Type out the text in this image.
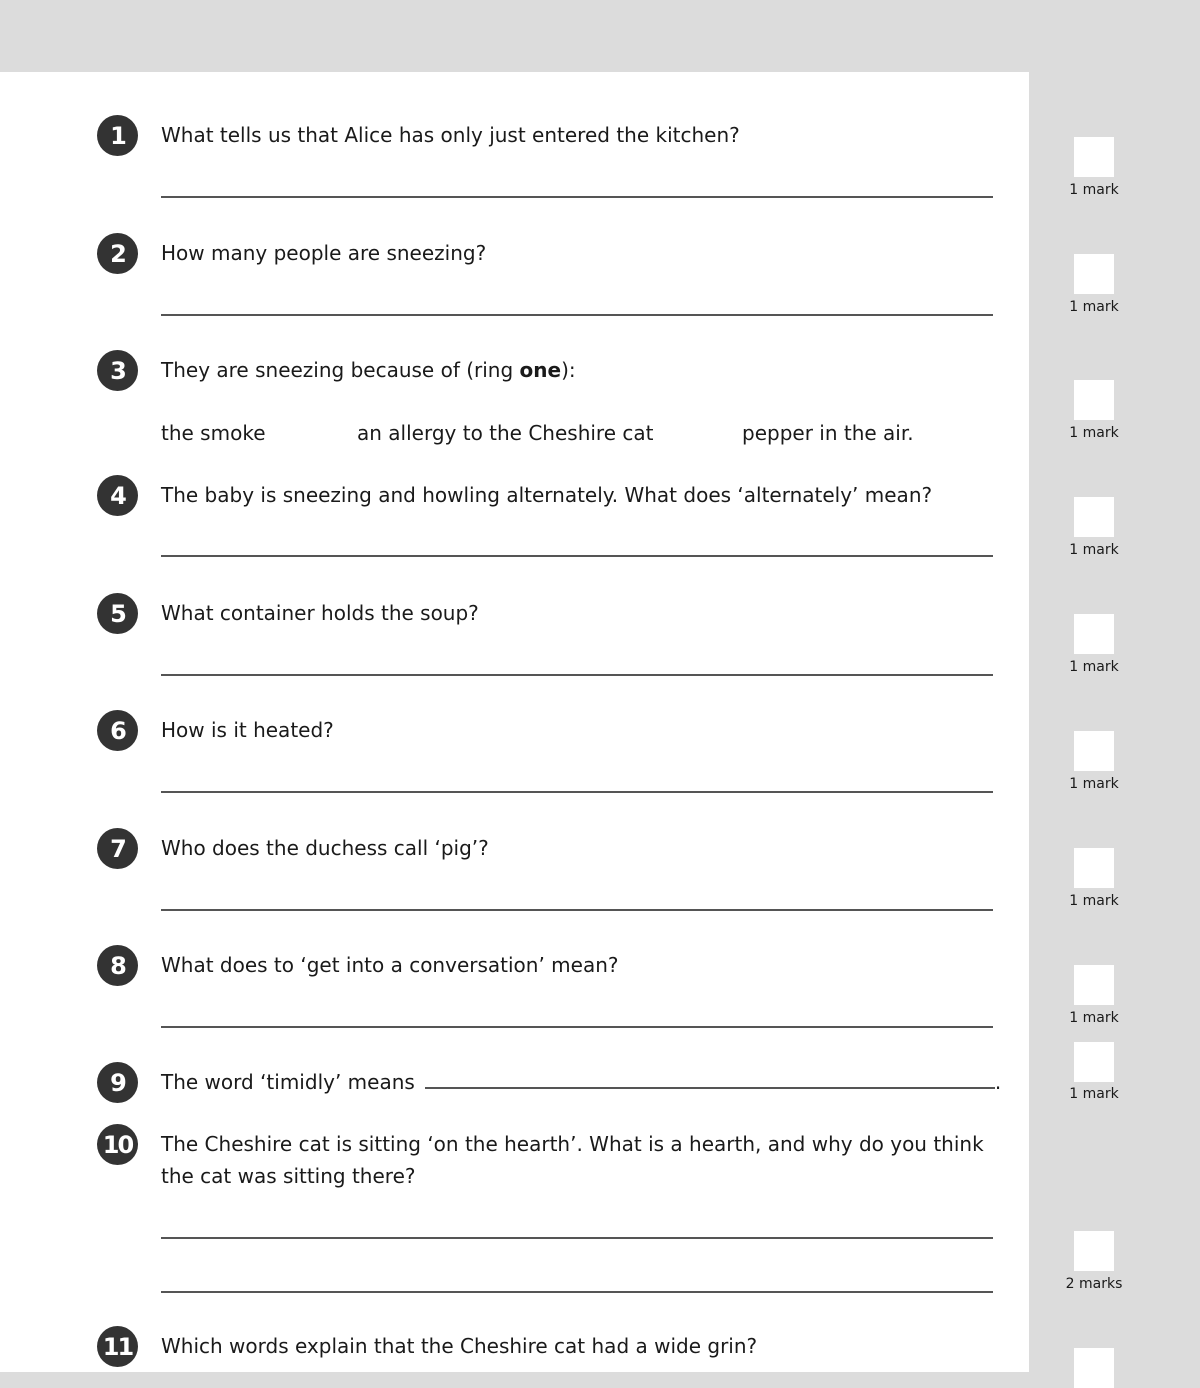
1	What tells us that Alice has only just entered the kitchen?
1 mark
2	How many people are sneezing?
1 mark
3	They are sneezing because of (ring one):
the smoke	an allergy to the Cheshire cat	pepper in the air.	1 mark
4	The baby is sneezing and howling alternately. What does ‘alternately’ mean?
1 mark
5	What container holds the soup?
1 mark
6	How is it heated?
1 mark
7	Who does the duchess call ‘pig’?
1 mark
8	What does to ‘get into a conversation’ mean?
1 mark
9	The word ‘timidly’ means	.	1 mark
10 The Cheshire cat is sitting ‘on the hearth’. What is a hearth, and why do you think
the cat was sitting there?
2 marks
11 Which words explain that the Cheshire cat had a wide grin?
